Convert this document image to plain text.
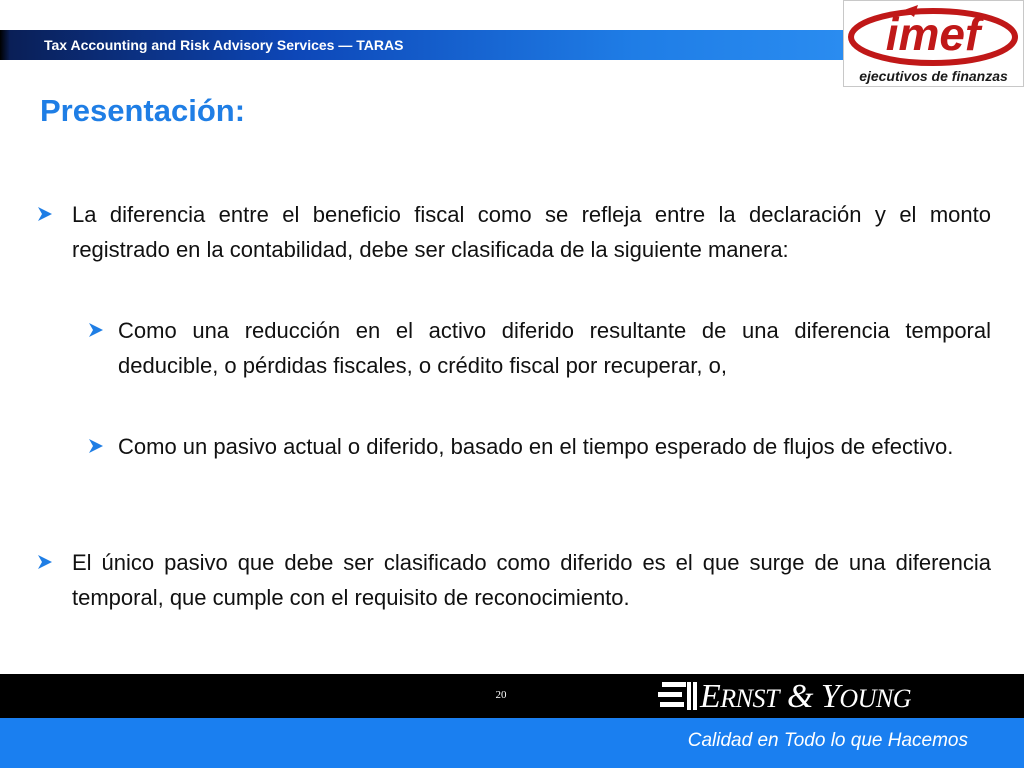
Tax Accounting and Risk Advisory Services — TARAS	imef
ejecutivos de finanzas
Presentación:
La diferencia entre el beneficio fiscal como se refleja entre la declaración y el monto registrado en la contabilidad, debe ser clasificada de la siguiente manera:
Como una reducción en el activo diferido resultante de una diferencia temporal deducible, o pérdidas fiscales, o crédito fiscal por recuperar, o,
Como un pasivo actual o diferido, basado en el tiempo esperado de flujos de efectivo.
El único pasivo que debe ser clasificado como diferido es el que surge de una diferencia temporal, que cumple con el requisito de reconocimiento.
20	ERNST & YOUNG
Calidad en Todo lo que Hacemos
